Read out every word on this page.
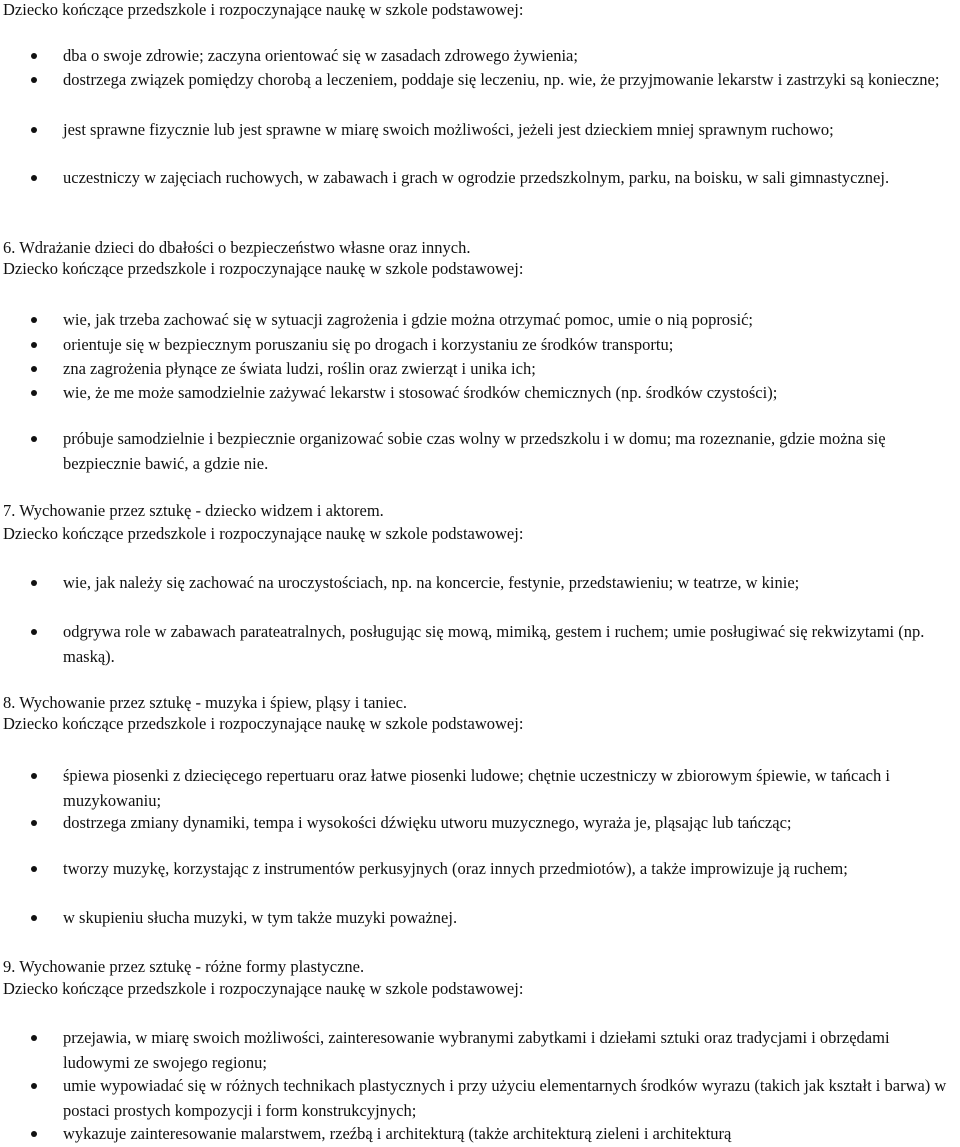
Dziecko kończące przedszkole i rozpoczynające naukę w szkole podstawowej:
dba o swoje zdrowie; zaczyna orientować się w zasadach zdrowego żywienia;
dostrzega związek pomiędzy chorobą a leczeniem, poddaje się leczeniu, np. wie, że przyjmowanie lekarstw i zastrzyki są konieczne;
jest sprawne fizycznie lub jest sprawne w miarę swoich możliwości, jeżeli jest dzieckiem mniej sprawnym ruchowo;
uczestniczy w zajęciach ruchowych, w zabawach i grach w ogrodzie przedszkolnym, parku, na boisku, w sali gimnastycznej.
6. Wdrażanie dzieci do dbałości o bezpieczeństwo własne oraz innych.
Dziecko kończące przedszkole i rozpoczynające naukę w szkole podstawowej:
wie, jak trzeba zachować się w sytuacji zagrożenia i gdzie można otrzymać pomoc, umie o nią poprosić;
orientuje się w bezpiecznym poruszaniu się po drogach i korzystaniu ze środków transportu;
zna zagrożenia płynące ze świata ludzi, roślin oraz zwierząt i unika ich;
wie, że me może samodzielnie zażywać lekarstw i stosować środków chemicznych (np. środków czystości);
próbuje samodzielnie i bezpiecznie organizować sobie czas wolny w przedszkolu i w domu; ma rozeznanie, gdzie można się bezpiecznie bawić, a gdzie nie.
7. Wychowanie przez sztukę - dziecko widzem i aktorem.
Dziecko kończące przedszkole i rozpoczynające naukę w szkole podstawowej:
wie, jak należy się zachować na uroczystościach, np. na koncercie, festynie, przedstawieniu; w teatrze, w kinie;
odgrywa role w zabawach parateatralnych, posługując się mową, mimiką, gestem i ruchem; umie posługiwać się rekwizytami (np. maską).
8. Wychowanie przez sztukę - muzyka i śpiew, pląsy i taniec.
Dziecko kończące przedszkole i rozpoczynające naukę w szkole podstawowej:
śpiewa piosenki z dziecięcego repertuaru oraz łatwe piosenki ludowe; chętnie uczestniczy w zbiorowym śpiewie, w tańcach i muzykowaniu;
dostrzega zmiany dynamiki, tempa i wysokości dźwięku utworu muzycznego, wyraża je, pląsając lub tańcząc;
tworzy muzykę, korzystając z instrumentów perkusyjnych (oraz innych przedmiotów), a także improwizuje ją ruchem;
w skupieniu słucha muzyki, w tym także muzyki poważnej.
9. Wychowanie przez sztukę - różne formy plastyczne.
Dziecko kończące przedszkole i rozpoczynające naukę w szkole podstawowej:
przejawia, w miarę swoich możliwości, zainteresowanie wybranymi zabytkami i dziełami sztuki oraz tradycjami i obrzędami ludowymi ze swojego regionu;
umie wypowiadać się w różnych technikach plastycznych i przy użyciu elementarnych środków wyrazu (takich jak kształt i barwa) w postaci prostych kompozycji i form konstrukcyjnych;
wykazuje zainteresowanie malarstwem, rzeźbą i architekturą (także architekturą zieleni i architekturą
